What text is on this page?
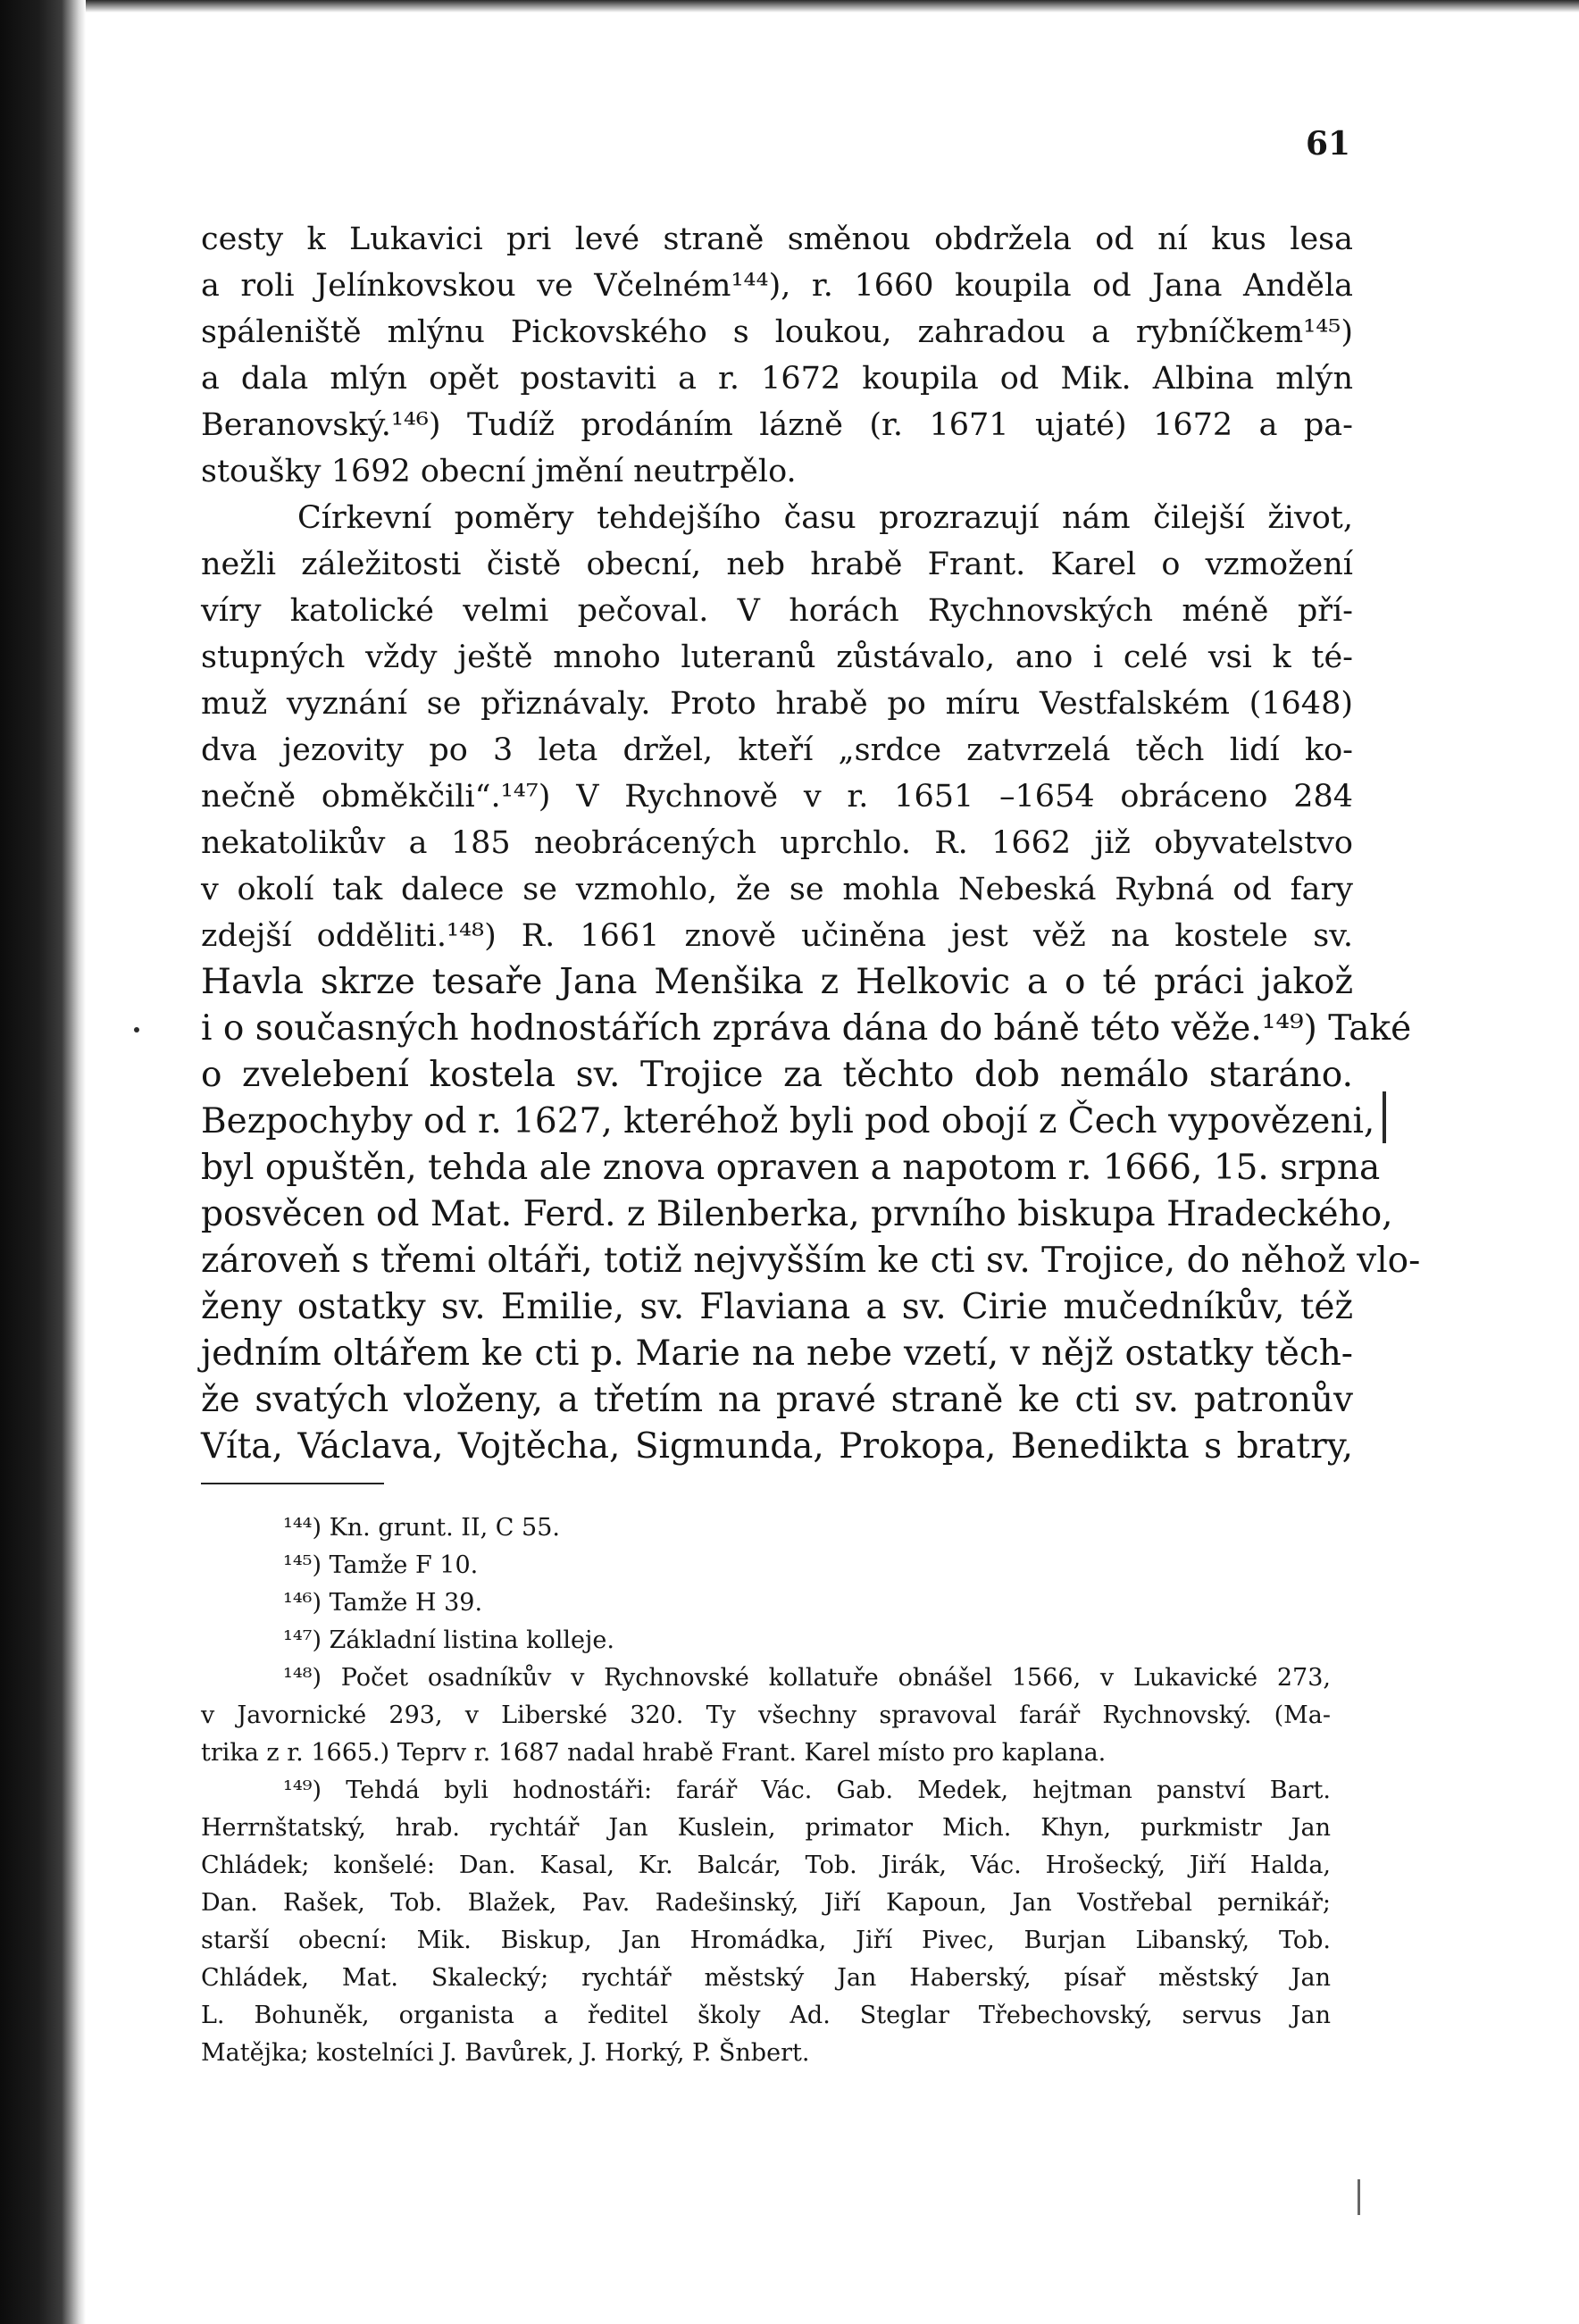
61
cesty k Lukavici pri levé straně směnou obdržela od ní kus lesa
a roli Jelínkovskou ve Včelném¹⁴⁴), r. 1660 koupila od Jana Anděla
spáleniště mlýnu Pickovského s loukou, zahradou a rybníčkem¹⁴⁵)
a dala mlýn opět postaviti a r. 1672 koupila od Mik. Albina mlýn
Beranovský.¹⁴⁶) Tudíž prodáním lázně (r. 1671 ujaté) 1672 a pa-
stoušky 1692 obecní jmění neutrpělo.
Církevní poměry tehdejšího času prozrazují nám čilejší život,
nežli záležitosti čistě obecní, neb hrabě Frant. Karel o vzmožení
víry katolické velmi pečoval. V horách Rychnovských méně pří-
stupných vždy ještě mnoho luteranů zůstávalo, ano i celé vsi k té-
muž vyznání se přiznávaly. Proto hrabě po míru Vestfalském (1648)
dva jezovity po 3 leta držel, kteří „srdce zatvrzelá těch lidí ko-
nečně obměkčili“.¹⁴⁷) V Rychnově v r. 1651 –1654 obráceno 284
nekatolikův a 185 neobrácených uprchlo. R. 1662 již obyvatelstvo
v okolí tak dalece se vzmohlo, že se mohla Nebeská Rybná od fary
zdejší odděliti.¹⁴⁸) R. 1661 znově učiněna jest věž na kostele sv.
Havla skrze tesaře Jana Menšika z Helkovic a o té práci jakož
i o současných hodnostářích zpráva dána do báně této věže.¹⁴⁹) Také
o zvelebení kostela sv. Trojice za těchto dob nemálo staráno.
Bezpochyby od r. 1627, kteréhož byli pod obojí z Čech vypovězeni,
byl opuštěn, tehda ale znova opraven a napotom r. 1666, 15. srpna
posvěcen od Mat. Ferd. z Bilenberka, prvního biskupa Hradeckého,
zároveň s třemi oltáři, totiž nejvyšším ke cti sv. Trojice, do něhož vlo-
ženy ostatky sv. Emilie, sv. Flaviana a sv. Cirie mučedníkův, též
jedním oltářem ke cti p. Marie na nebe vzetí, v nějž ostatky těch-
že svatých vloženy, a třetím na pravé straně ke cti sv. patronův
Víta, Václava, Vojtěcha, Sigmunda, Prokopa, Benedikta s bratry,
¹⁴⁴) Kn. grunt. II, C 55.
¹⁴⁵) Tamže F 10.
¹⁴⁶) Tamže H 39.
¹⁴⁷) Základní listina kolleje.
¹⁴⁸) Počet osadníkův v Rychnovské kollatuře obnášel 1566, v Lukavické 273,
v Javornické 293, v Liberské 320. Ty všechny spravoval farář Rychnovský. (Ma-
trika z r. 1665.) Teprv r. 1687 nadal hrabě Frant. Karel místo pro kaplana.
¹⁴⁹) Tehdá byli hodnostáři: farář Vác. Gab. Medek, hejtman panství Bart.
Herrnštatský, hrab. rychtář Jan Kuslein, primator Mich. Khyn, purkmistr Jan
Chládek; konšelé: Dan. Kasal, Kr. Balcár, Tob. Jirák, Vác. Hrošecký, Jiří Halda,
Dan. Rašek, Tob. Blažek, Pav. Radešinský, Jiří Kapoun, Jan Vostřebal pernikář;
starší obecní: Mik. Biskup, Jan Hromádka, Jiří Pivec, Burjan Libanský, Tob.
Chládek, Mat. Skalecký; rychtář městský Jan Haberský, písař městský Jan
L. Bohuněk, organista a ředitel školy Ad. Steglar Třebechovský, servus Jan
Matějka; kostelníci J. Bavůrek, J. Horký, P. Šnbert.
